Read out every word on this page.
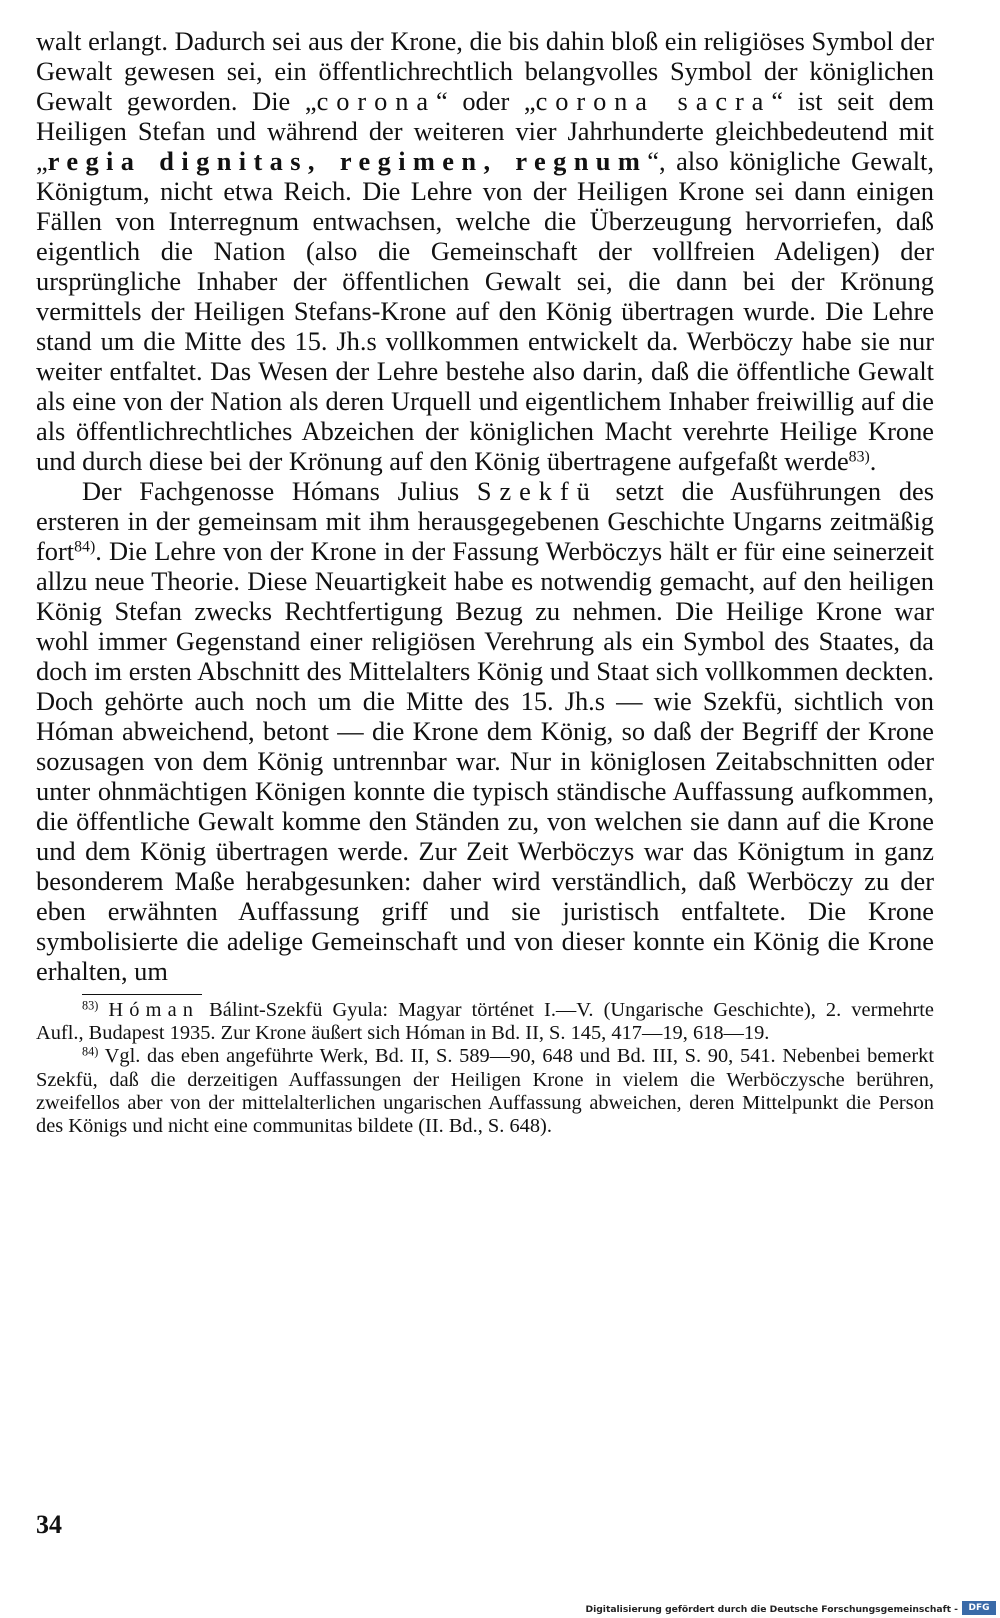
walt erlangt. Dadurch sei aus der Krone, die bis dahin bloß ein religiöses Symbol der Gewalt gewesen sei, ein öffentlichrechtlich belangvolles Symbol der königlichen Gewalt geworden. Die „corona“ oder „corona sacra“ ist seit dem Heiligen Stefan und während der weiteren vier Jahrhunderte gleichbedeutend mit „regia dignitas, regimen, regnum“, also königliche Gewalt, Königtum, nicht etwa Reich. Die Lehre von der Heiligen Krone sei dann einigen Fällen von Interregnum entwachsen, welche die Überzeugung hervorriefen, daß eigentlich die Nation (also die Gemeinschaft der vollfreien Adeligen) der ursprüngliche Inhaber der öffentlichen Gewalt sei, die dann bei der Krönung vermittels der Heiligen Stefans-Krone auf den König übertragen wurde. Die Lehre stand um die Mitte des 15. Jh.s vollkommen entwickelt da. Werböczy habe sie nur weiter entfaltet. Das Wesen der Lehre bestehe also darin, daß die öffentliche Gewalt als eine von der Nation als deren Urquell und eigentlichem Inhaber freiwillig auf die als öffentlichrechtliches Abzeichen der königlichen Macht verehrte Heilige Krone und durch diese bei der Krönung auf den König übertragene aufgefaßt werde$^{83)}$.

Der Fachgenosse Hómans Julius Szekfü setzt die Ausführungen des ersteren in der gemeinsam mit ihm herausgegebenen Geschichte Ungarns zeitmäßig fort$^{84)}$. Die Lehre von der Krone in der Fassung Werböczys hält er für eine seinerzeit allzu neue Theorie. Diese Neuartigkeit habe es notwendig gemacht, auf den heiligen König Stefan zwecks Rechtfertigung Bezug zu nehmen. Die Heilige Krone war wohl immer Gegenstand einer religiösen Verehrung als ein Symbol des Staates, da doch im ersten Abschnitt des Mittelalters König und Staat sich vollkommen deckten. Doch gehörte auch noch um die Mitte des 15. Jh.s — wie Szekfü, sichtlich von Hóman abweichend, betont — die Krone dem König, so daß der Begriff der Krone sozusagen von dem König untrennbar war. Nur in königlosen Zeitabschnitten oder unter ohnmächtigen Königen konnte die typisch ständische Auffassung aufkommen, die öffentliche Gewalt komme den Ständen zu, von welchen sie dann auf die Krone und dem König übertragen werde. Zur Zeit Werböczys war das Königtum in ganz besonderem Maße herabgesunken: daher wird verständlich, daß Werböczy zu der eben erwähnten Auffassung griff und sie juristisch entfaltete. Die Krone symbolisierte die adelige Gemeinschaft und von dieser konnte ein König die Krone erhalten, um

$^{83)}$ Hóman Bálint-Szekfü Gyula: Magyar történet I.—V. (Ungarische Geschichte), 2. vermehrte Aufl., Budapest 1935. Zur Krone äußert sich Hóman in Bd. II, S. 145, 417—19, 618—19.

$^{84)}$ Vgl. das eben angeführte Werk, Bd. II, S. 589—90, 648 und Bd. III, S. 90, 541. Nebenbei bemerkt Szekfü, daß die derzeitigen Auffassungen der Heiligen Krone in vielem die Werböczysche berühren, zweifellos aber von der mittelalterlichen ungarischen Auffassung abweichen, deren Mittelpunkt die Person des Königs und nicht eine communitas bildete (II. Bd., S. 648).

34
Digitalisierung gefördert durch die Deutsche Forschungsgemeinschaft -	DFG
